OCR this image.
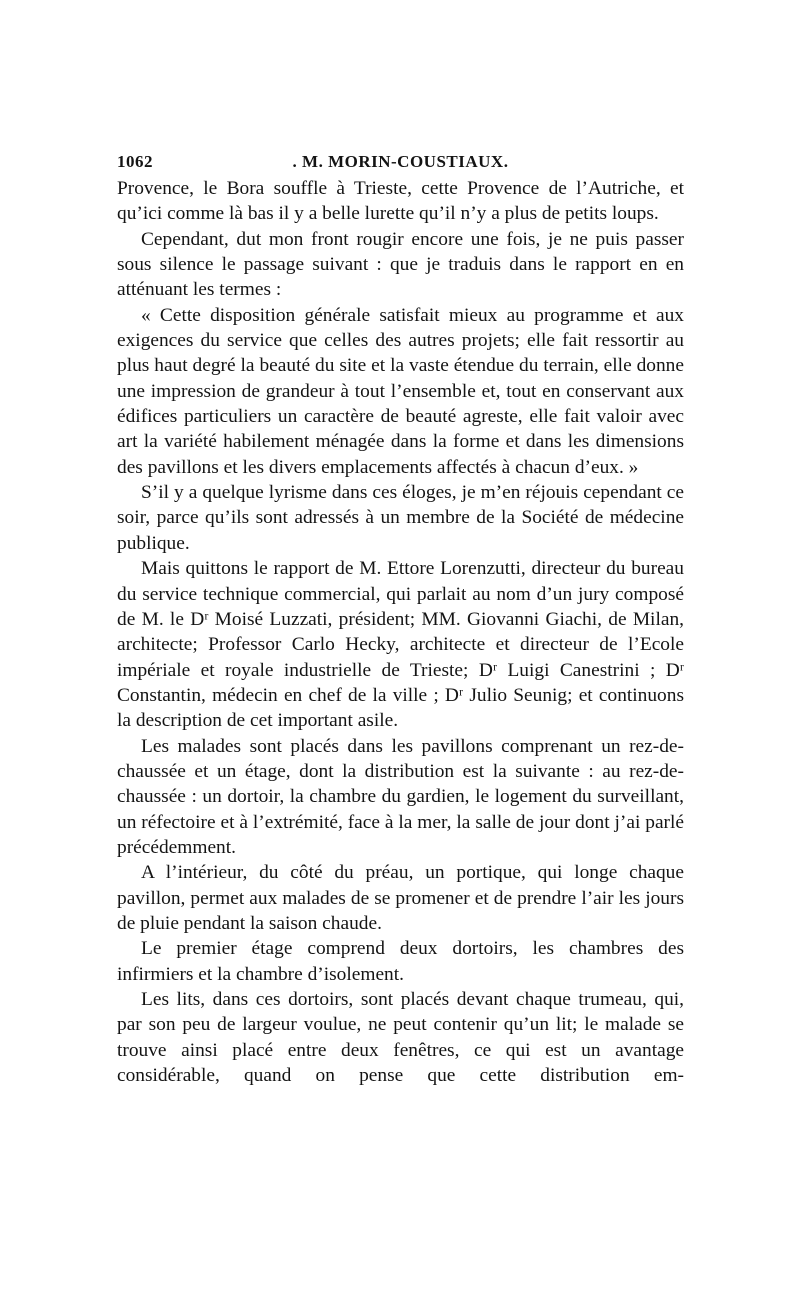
1062	. M. MORIN-COUSTIAUX.

Provence, le Bora souffle à Trieste, cette Provence de l’Autriche, et qu’ici comme là bas il y a belle lurette qu’il n’y a plus de petits loups.

Cependant, dut mon front rougir encore une fois, je ne puis passer sous silence le passage suivant : que je traduis dans le rapport en en atténuant les termes :

« Cette disposition générale satisfait mieux au programme et aux exigences du service que celles des autres projets; elle fait ressortir au plus haut degré la beauté du site et la vaste étendue du terrain, elle donne une impression de grandeur à tout l’ensemble et, tout en conservant aux édifices particuliers un caractère de beauté agreste, elle fait valoir avec art la variété habilement ménagée dans la forme et dans les dimensions des pavillons et les divers emplacements affectés à chacun d’eux. »

S’il y a quelque lyrisme dans ces éloges, je m’en réjouis cependant ce soir, parce qu’ils sont adressés à un membre de la Société de médecine publique.

Mais quittons le rapport de M. Ettore Lorenzutti, directeur du bureau du service technique commercial, qui parlait au nom d’un jury composé de M. le Dʳ Moisé Luzzati, président; MM. Giovanni Giachi, de Milan, architecte; Professor Carlo Hecky, architecte et directeur de l’Ecole impériale et royale industrielle de Trieste; Dʳ Luigi Canestrini ; Dʳ Constantin, médecin en chef de la ville ; Dʳ Julio Seunig; et continuons la description de cet important asile.

Les malades sont placés dans les pavillons comprenant un rez-de-chaussée et un étage, dont la distribution est la suivante : au rez-de-chaussée : un dortoir, la chambre du gardien, le logement du surveillant, un réfectoire et à l’extrémité, face à la mer, la salle de jour dont j’ai parlé précédemment.

A l’intérieur, du côté du préau, un portique, qui longe chaque pavillon, permet aux malades de se promener et de prendre l’air les jours de pluie pendant la saison chaude.

Le premier étage comprend deux dortoirs, les chambres des infirmiers et la chambre d’isolement.

Les lits, dans ces dortoirs, sont placés devant chaque trumeau, qui, par son peu de largeur voulue, ne peut contenir qu’un lit; le malade se trouve ainsi placé entre deux fenêtres, ce qui est un avantage considérable, quand on pense que cette distribution em-
